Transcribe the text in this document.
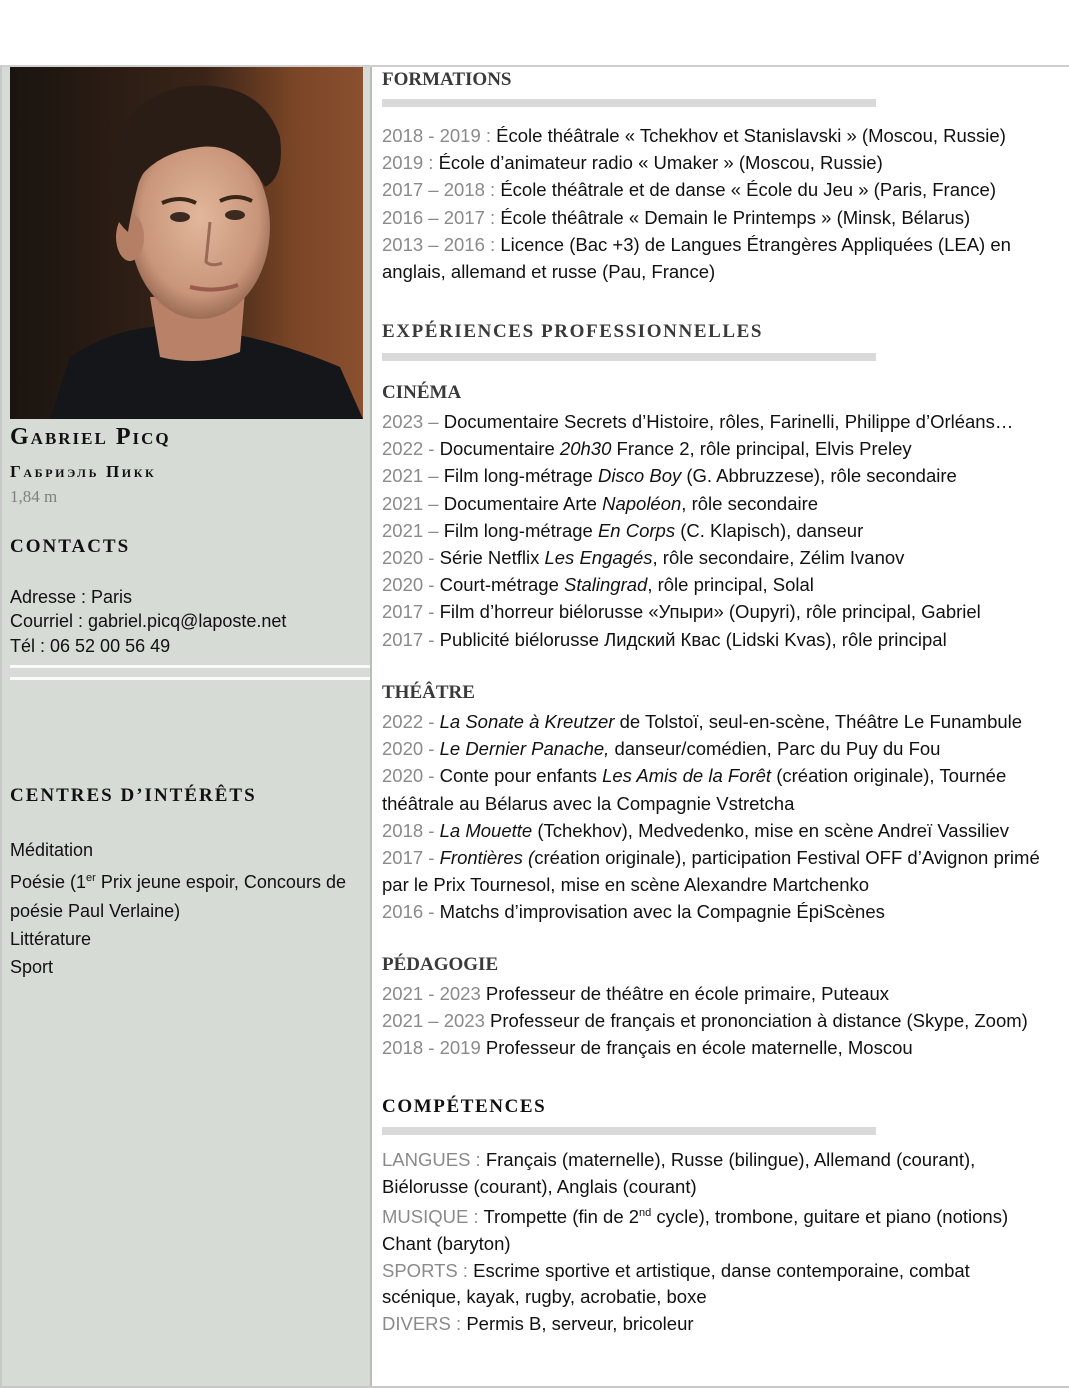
Gabriel Picq
Габриэль Пикк
1,84 m
CONTACTS
Adresse : Paris
Courriel : gabriel.picq@laposte.net
Tél : 06 52 00 56 49
CENTRES D’INTÉRÊTS
Méditation
Poésie (1er Prix jeune espoir, Concours de poésie Paul Verlaine)
Littérature
Sport
FORMATIONS
2018 - 2019 : École théâtrale « Tchekhov et Stanislavski » (Moscou, Russie)
2019 : École d’animateur radio « Umaker » (Moscou, Russie)
2017 – 2018 : École théâtrale et de danse « École du Jeu » (Paris, France)
2016 – 2017 : École théâtrale « Demain le Printemps » (Minsk, Bélarus)
2013 – 2016 : Licence (Bac +3) de Langues Étrangères Appliquées (LEA) en anglais, allemand et russe (Pau, France)
EXPÉRIENCES PROFESSIONNELLES
CINÉMA
2023 – Documentaire Secrets d’Histoire, rôles, Farinelli, Philippe d’Orléans…
2022 - Documentaire 20h30 France 2, rôle principal, Elvis Preley
2021 – Film long-métrage Disco Boy (G. Abbruzzese), rôle secondaire
2021 – Documentaire Arte Napoléon, rôle secondaire
2021 – Film long-métrage En Corps (C. Klapisch), danseur
2020 - Série Netflix Les Engagés, rôle secondaire, Zélim Ivanov
2020 - Court-métrage Stalingrad, rôle principal, Solal
2017 - Film d’horreur biélorusse «Упыри» (Oupyri), rôle principal, Gabriel
2017 - Publicité biélorusse Лидский Квас (Lidski Kvas), rôle principal
THÉÂTRE
2022 - La Sonate à Kreutzer de Tolstoï, seul-en-scène, Théâtre Le Funambule
2020 - Le Dernier Panache, danseur/comédien, Parc du Puy du Fou
2020 - Conte pour enfants Les Amis de la Forêt (création originale), Tournée théâtrale au Bélarus avec la Compagnie Vstretcha
2018 - La Mouette (Tchekhov), Medvedenko, mise en scène Andreï Vassiliev
2017 - Frontières (création originale), participation Festival OFF d’Avignon primé par le Prix Tournesol, mise en scène Alexandre Martchenko
2016 - Matchs d’improvisation avec la Compagnie ÉpiScènes
PÉDAGOGIE
2021 - 2023 Professeur de théâtre en école primaire, Puteaux
2021 – 2023 Professeur de français et prononciation à distance (Skype, Zoom)
2018 - 2019 Professeur de français en école maternelle, Moscou
COMPÉTENCES
LANGUES : Français (maternelle), Russe (bilingue), Allemand (courant), Biélorusse (courant), Anglais (courant)
MUSIQUE : Trompette (fin de 2nd cycle), trombone, guitare et piano (notions) Chant (baryton)
SPORTS : Escrime sportive et artistique, danse contemporaine, combat scénique, kayak, rugby, acrobatie, boxe
DIVERS : Permis B, serveur, bricoleur
